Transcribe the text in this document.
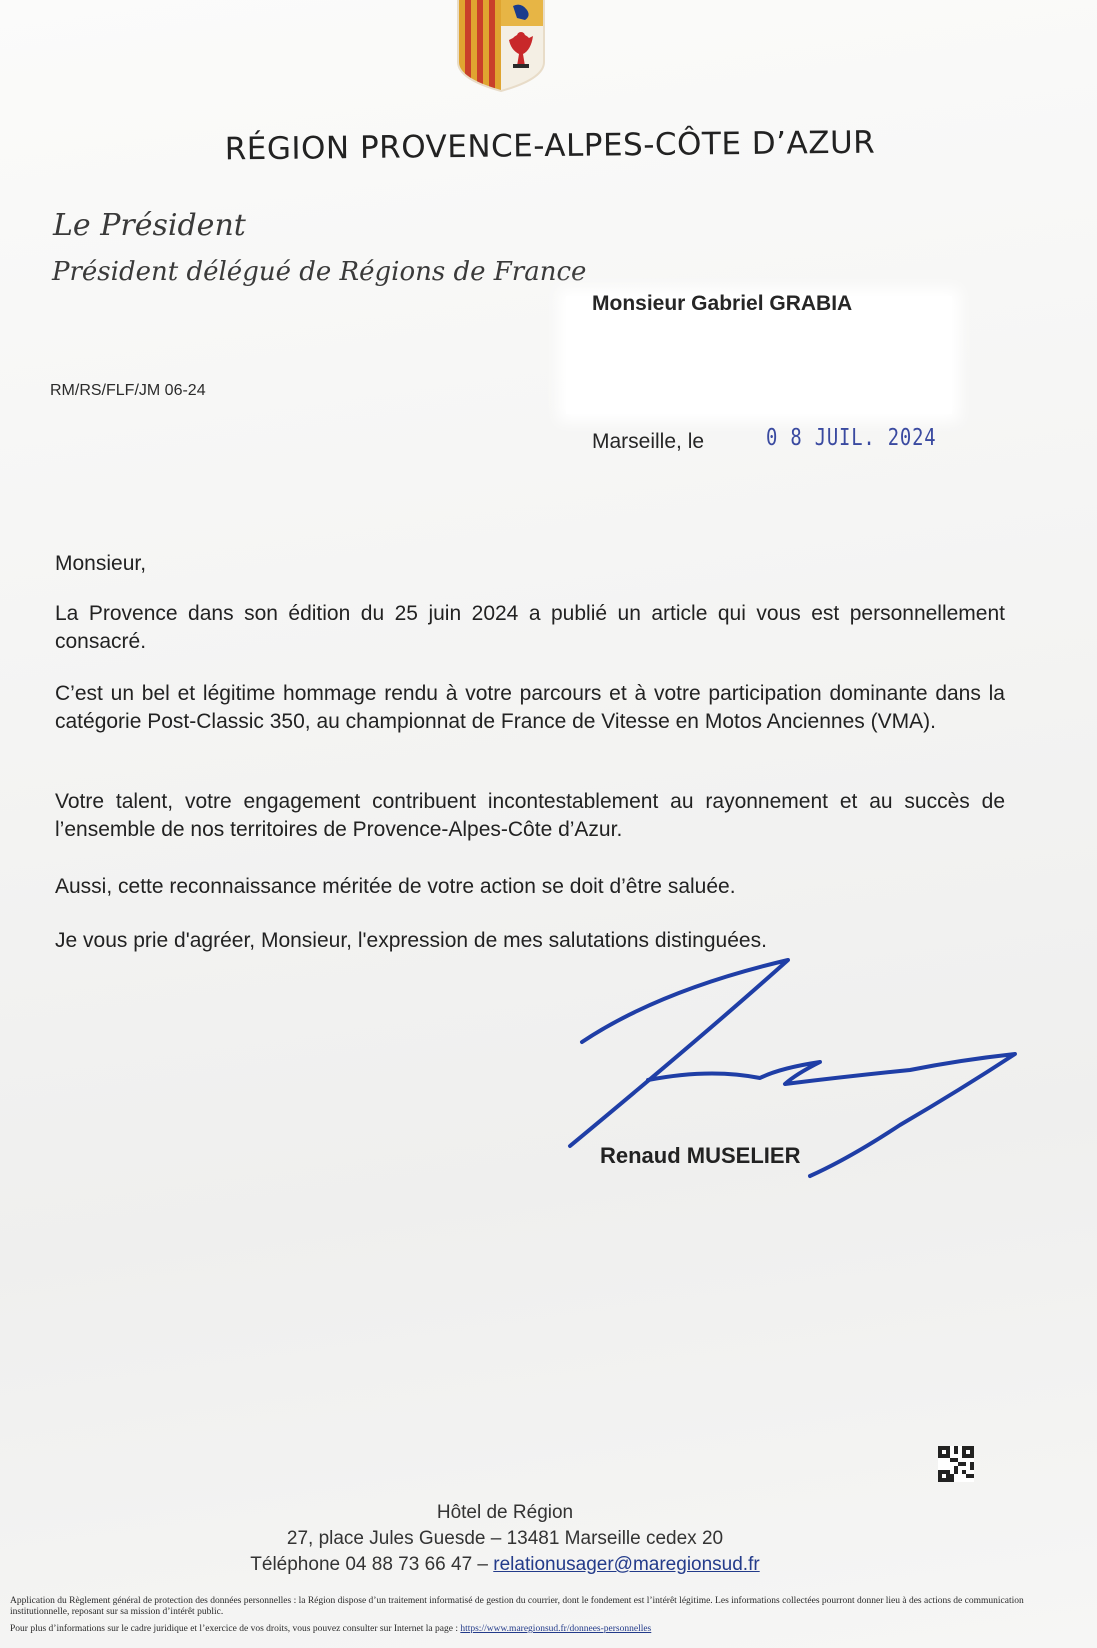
RÉGION PROVENCE-ALPES-CÔTE D’AZUR
Le Président
Président délégué de Régions de France
Monsieur Gabriel GRABIA
RM/RS/FLF/JM 06-24
Marseille, le	0 8 JUIL. 2024
Monsieur,
La Provence dans son édition du 25 juin 2024 a publié un article qui vous est personnellement consacré.
C’est un bel et légitime hommage rendu à votre parcours et à votre participation dominante dans la catégorie Post-Classic 350, au championnat de France de Vitesse en Motos Anciennes (VMA).
Votre talent, votre engagement contribuent incontestablement au rayonnement et au succès de l’ensemble de nos territoires de Provence-Alpes-Côte d’Azur.
Aussi, cette reconnaissance méritée de votre action se doit d’être saluée.
Je vous prie d'agréer, Monsieur, l'expression de mes salutations distinguées.
Renaud MUSELIER
Hôtel de Région
27, place Jules Guesde – 13481 Marseille cedex 20
Téléphone 04 88 73 66 47 – relationusager@maregionsud.fr
Application du Règlement général de protection des données personnelles : la Région dispose d’un traitement informatisé de gestion du courrier, dont le fondement est l’intérêt légitime. Les informations collectées pourront donner lieu à des actions de communication institutionnelle, reposant sur sa mission d’intérêt public.
Pour plus d’informations sur le cadre juridique et l’exercice de vos droits, vous pouvez consulter sur Internet la page : https://www.maregionsud.fr/donnees-personnelles
